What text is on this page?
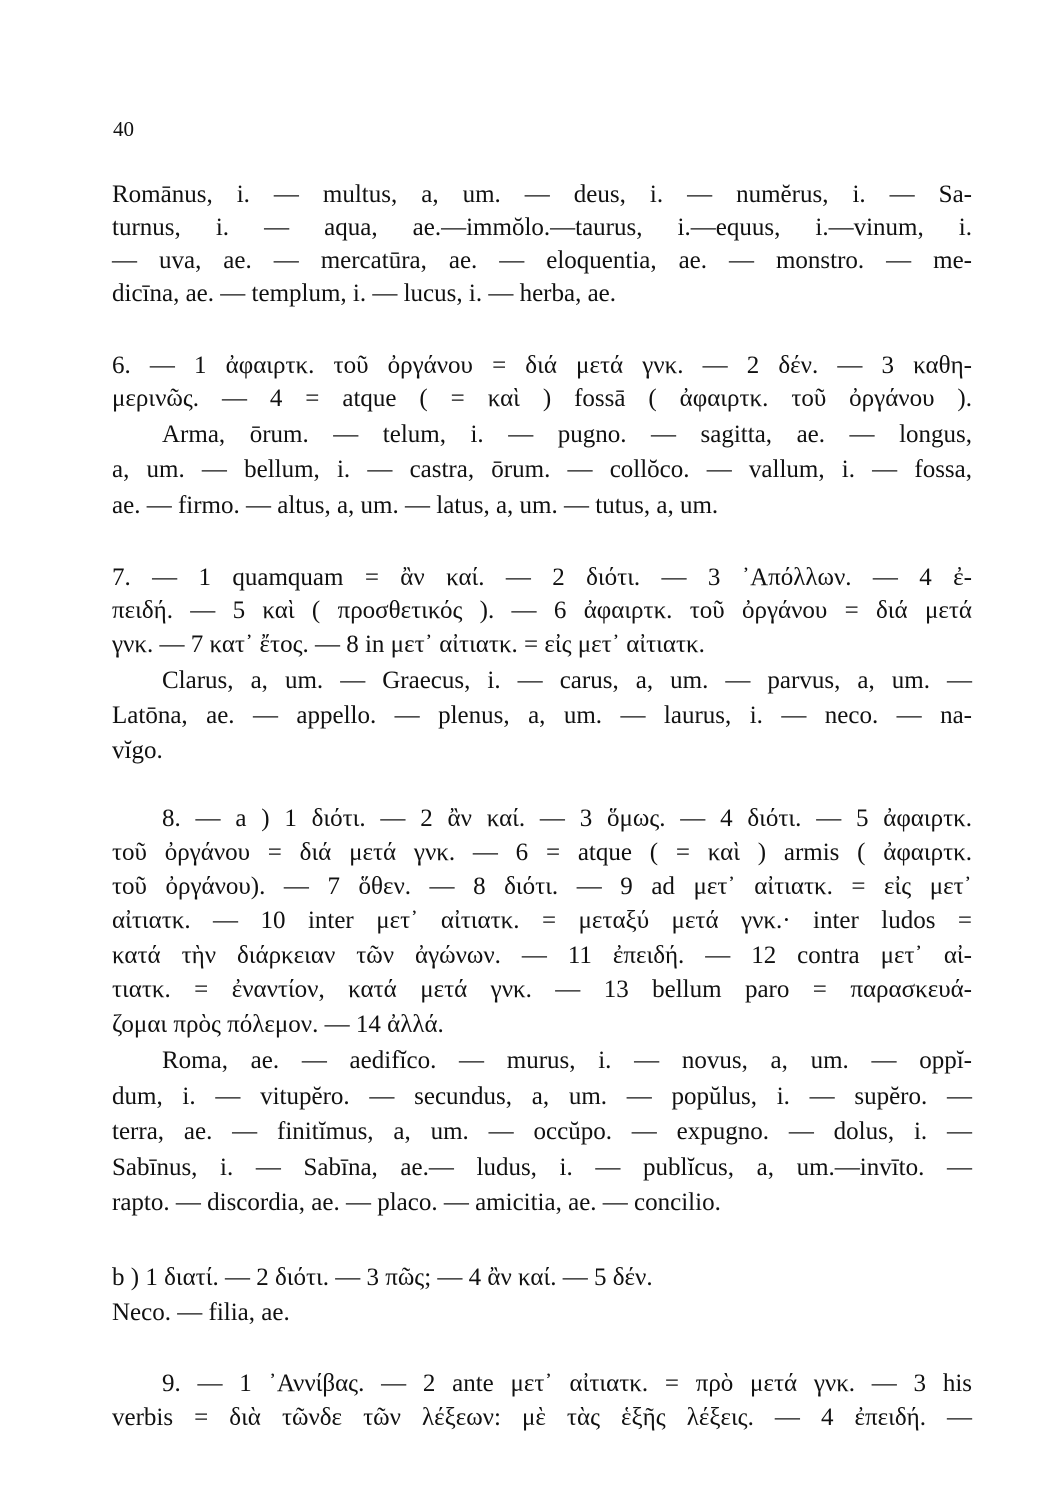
40
Romānus, i. — multus, a, um. — deus, i. — numĕrus, i. — Sa-
turnus, i. — aqua, ae.—immŏlo.—taurus, i.—equus, i.—vinum, i.
— uva, ae. — mercatūra, ae. — eloquentia, ae. — monstro. — me-
dicīna, ae. — templum, i. — lucus, i. — herba, ae.
6. — 1 ἀφαιρτκ. τοῦ ὀργάνου = διά μετά γνκ. — 2 δέν. — 3 καθη-
μερινῶς. — 4 = atque ( = καὶ ) fossā ( ἀφαιρτκ. τοῦ ὀργάνου ).
Arma, ōrum. — telum, i. — pugno. — sagitta, ae. — longus,
a, um. — bellum, i. — castra, ōrum. — collŏco. — vallum, i. — fossa,
ae. — firmo. — altus, a, um. — latus, a, um. — tutus, a, um.
7. — 1 quamquam = ἂν καί. — 2 διότι. — 3 ᾿Απόλλων. — 4 ἐ-
πειδή. — 5 καὶ ( προσθετικός ). — 6 ἀφαιρτκ. τοῦ ὀργάνου = διά μετά
γνκ. — 7 κατ᾿ ἔτος. — 8 in μετ᾿ αἰτιατκ. = εἰς μετ᾿ αἰτιατκ.
Clarus, a, um. — Graecus, i. — carus, a, um. — parvus, a, um. —
Latōna, ae. — appello. — plenus, a, um. — laurus, i. — neco. — na-
vĭgo.
8. — a ) 1 διότι. — 2 ἂν καί. — 3 ὅμως. — 4 διότι. — 5 ἀφαιρτκ.
τοῦ ὀργάνου = διά μετά γνκ. — 6 = atque ( = καὶ ) armis ( ἀφαιρτκ.
τοῦ ὀργάνου). — 7 ὅθεν. — 8 διότι. — 9 ad μετ᾿ αἰτιατκ. = εἰς μετ᾿
αἰτιατκ. — 10 inter μετ᾿ αἰτιατκ. = μεταξύ μετά γνκ.· inter ludos =
κατά τὴν διάρκειαν τῶν ἀγώνων. — 11 ἐπειδή. — 12 contra μετ᾿ αἰ-
τιατκ. = ἐναντίον, κατά μετά γνκ. — 13 bellum paro = παρασκευά-
ζομαι πρὸς πόλεμον. — 14 ἀλλά.
Roma, ae. — aedifĭco. — murus, i. — novus, a, um. — oppĭ-
dum, i. — vitupĕro. — secundus, a, um. — popŭlus, i. — supĕro. —
terra, ae. — finitĭmus, a, um. — occŭpo. — expugno. — dolus, i. —
Sabīnus, i. — Sabīna, ae.— ludus, i. — publĭcus, a, um.—invīto. —
rapto. — discordia, ae. — placo. — amicitia, ae. — concilio.
b ) 1 διατί. — 2 διότι. — 3 πῶς; — 4 ἂν καί. — 5 δέν.
Neco. — filia, ae.
9. — 1 ᾿Αννίβας. — 2 ante μετ᾿ αἰτιατκ. = πρὸ μετά γνκ. — 3 his
verbis = διὰ τῶνδε τῶν λέξεων: μὲ τὰς ἑξῆς λέξεις. — 4 ἐπειδή. —
